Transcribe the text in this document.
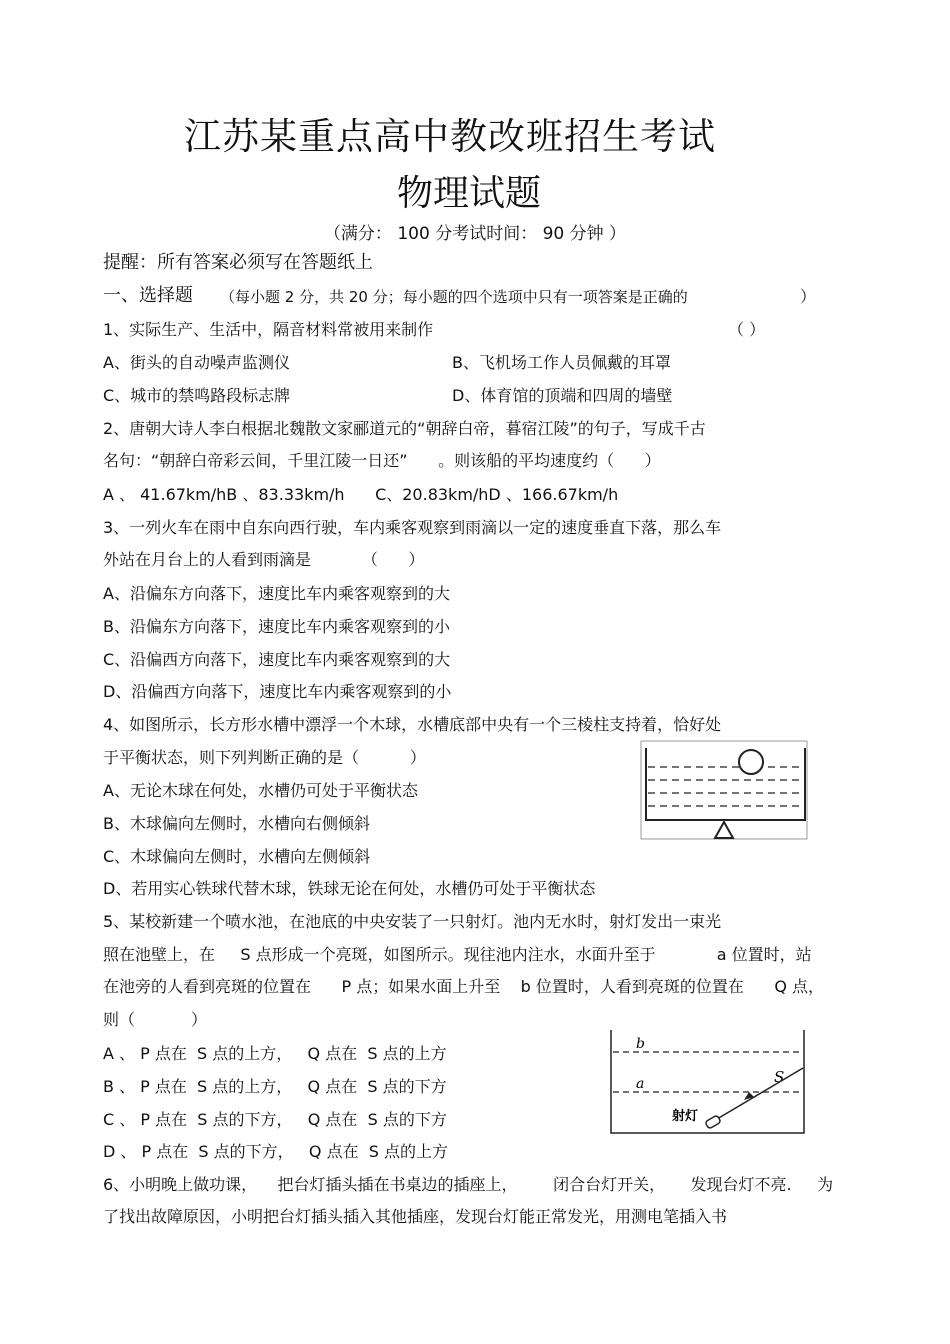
江苏某重点高中教改班招生考试
物理试题
（满分： 100 分考试时间： 90 分钟 ）
提醒：所有答案必须写在答题纸上
一、选择题 （每小题 2 分，共 20 分；每小题的四个选项中只有一项答案是正确的	）
1、实际生产、生活中，隔音材料常被用来制作	（ ）
A、街头的自动噪声监测仪	B、飞机场工作人员佩戴的耳罩
C、城市的禁鸣路段标志牌	D、体育馆的顶端和四周的墙壁
2、唐朝大诗人李白根据北魏散文家郦道元的“朝辞白帝，暮宿江陵”的句子，写成千古
名句：“朝辞白帝彩云间，千里江陵一日还”      。则该船的平均速度约（      ）
A 、 41.67km/hB 、83.33km/h      C、20.83km/hD 、166.67km/h
3、一列火车在雨中自东向西行驶，车内乘客观察到雨滴以一定的速度垂直下落，那么车
外站在月台上的人看到雨滴是          （      ）
A、沿偏东方向落下，速度比车内乘客观察到的大
B、沿偏东方向落下，速度比车内乘客观察到的小
C、沿偏西方向落下，速度比车内乘客观察到的大
D、沿偏西方向落下，速度比车内乘客观察到的小
4、如图所示，长方形水槽中漂浮一个木球，水槽底部中央有一个三棱柱支持着，恰好处
于平衡状态，则下列判断正确的是（          ）
A、无论木球在何处，水槽仍可处于平衡状态
B、木球偏向左侧时，水槽向右侧倾斜
C、木球偏向左侧时，水槽向左侧倾斜
D、若用实心铁球代替木球，铁球无论在何处，水槽仍可处于平衡状态
5、某校新建一个喷水池，在池底的中央安装了一只射灯。池内无水时，射灯发出一束光
照在池壁上，在     S 点形成一个亮斑，如图所示。现往池内注水，水面升至于            a 位置时，站
在池旁的人看到亮斑的位置在      P 点；如果水面上升至    b 位置时，人看到亮斑的位置在      Q 点，
则（           ）
A 、 P 点在  S 点的上方，   Q 点在  S 点的上方
B 、 P 点在  S 点的上方，   Q 点在  S 点的下方
C 、 P 点在  S 点的下方，   Q 点在  S 点的下方
D 、 P 点在  S 点的下方，   Q 点在  S 点的上方
b
a	S
射灯
6、小明晚上做功课，    把台灯插头插在书桌边的插座上，       闭合台灯开关，     发现台灯不亮.     为
了找出故障原因，小明把台灯插头插入其他插座，发现台灯能正常发光，用测电笔插入书
